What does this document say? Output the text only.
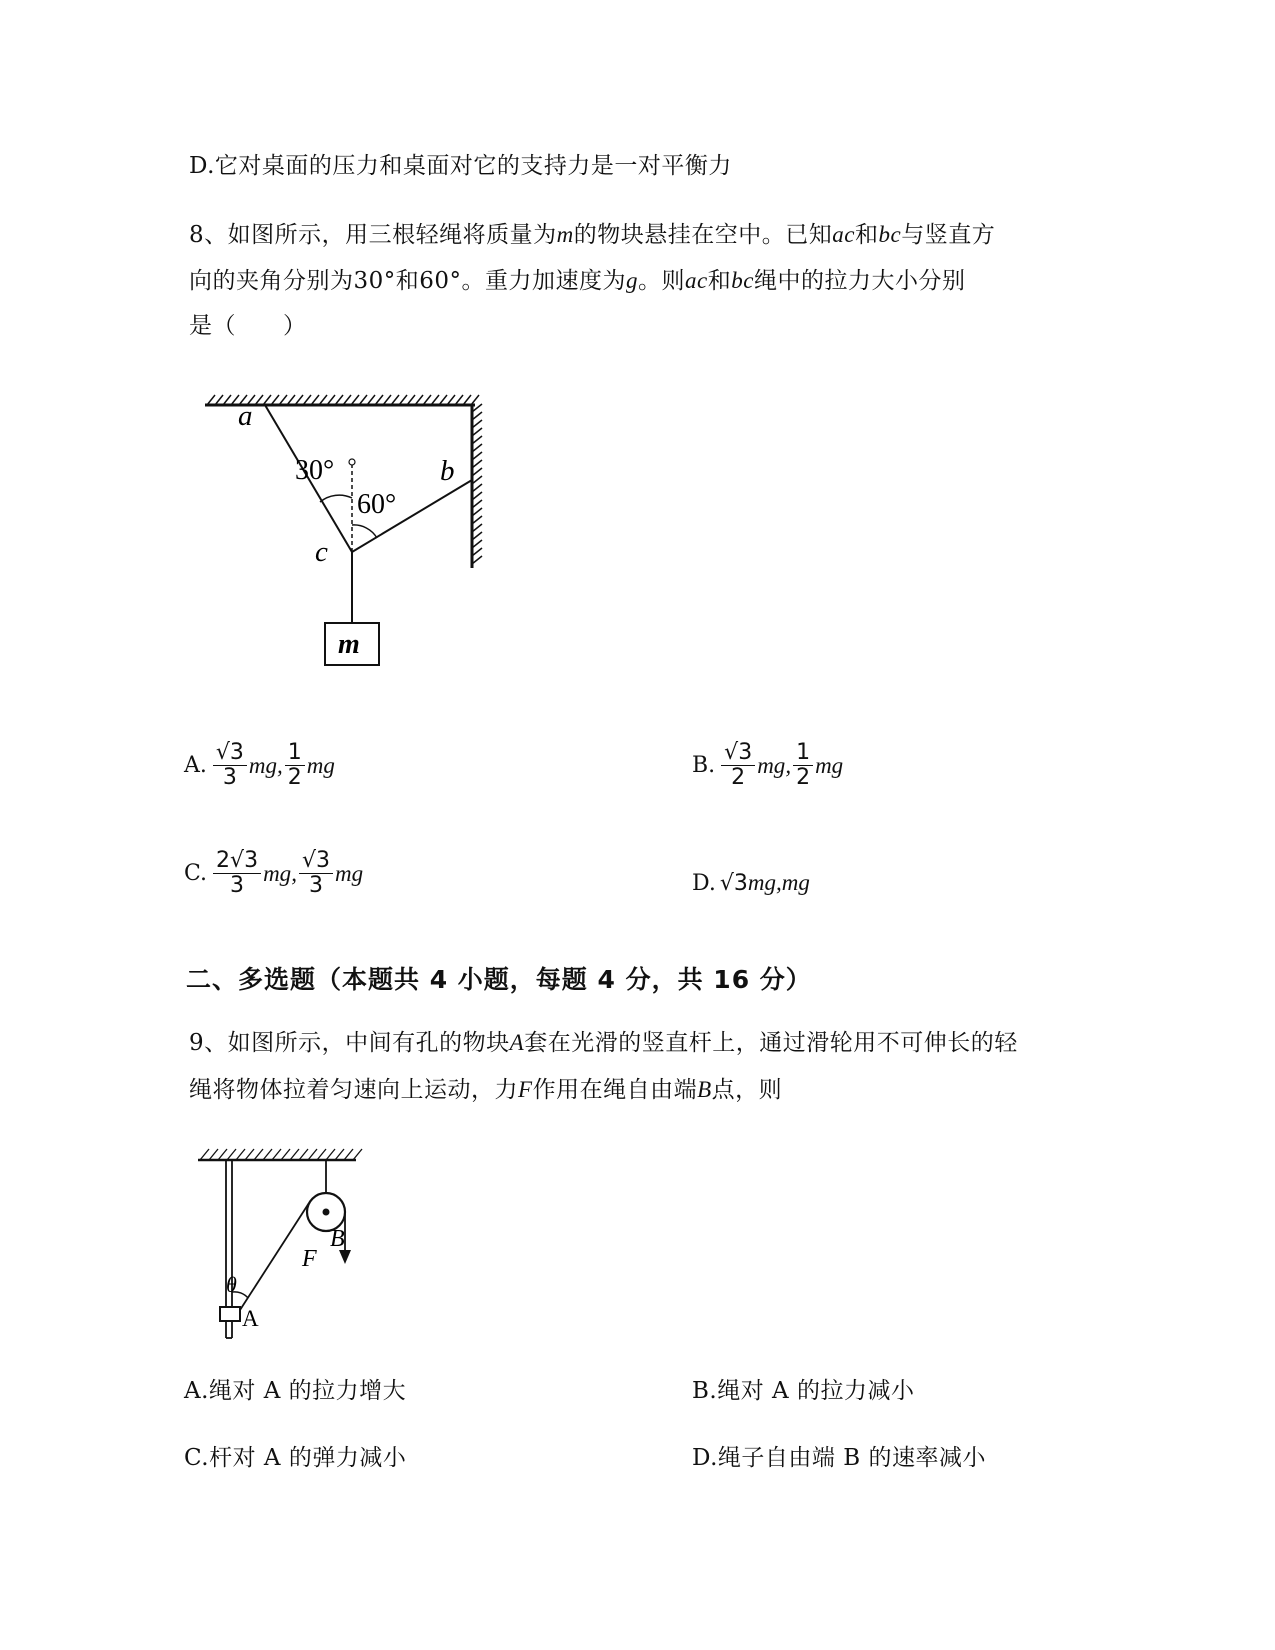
D.它对桌面的压力和桌面对它的支持力是一对平衡力
8、如图所示，用三根轻绳将质量为m的物块悬挂在空中。已知ac和bc与竖直方
向的夹角分别为30°和60°。重力加速度为g。则ac和bc绳中的拉力大小分别
是（　　）
a
b
c
m
30°
60°
A. $\frac{√3}{3}$ mg , $\frac{1}{2}$ mg	B. $\frac{√3}{2}$ mg , $\frac{1}{2}$ mg
C. $\frac{2√3}{3}$ mg , $\frac{√3}{3}$ mg	D. √3 mg , mg
二、多选题（本题共 4 小题，每题 4 分，共 16 分）
9、如图所示，中间有孔的物块A套在光滑的竖直杆上，通过滑轮用不可伸长的轻
绳将物体拉着匀速向上运动，力F作用在绳自由端B点，则
B
F
θ
A
A.绳对 A 的拉力增大	B.绳对 A 的拉力减小
C.杆对 A 的弹力减小	D.绳子自由端 B 的速率减小
